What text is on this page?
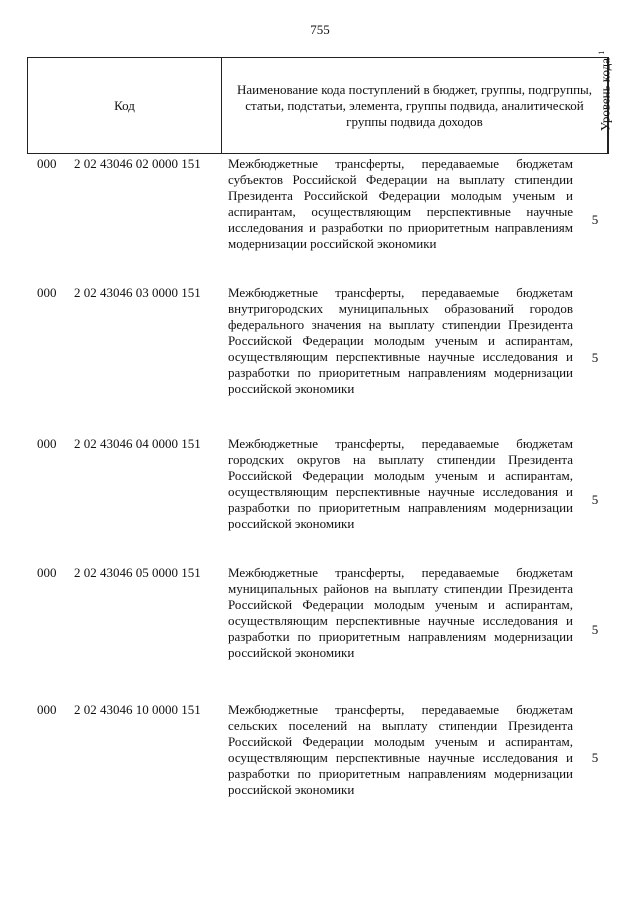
755
Код
Наименование кода поступлений в бюджет, группы, подгруппы, статьи, подстатьи, элемента, группы подвида, аналитической группы подвида доходов	Уровень кода $^1$
000 2 02 43046 02 0000 151 Межбюджетные трансферты, передаваемые бюджетам субъектов Российской Федерации на выплату стипендии Президента Российской Федерации молодым ученым и аспирантам, осуществляющим перспективные научные исследования и разработки по приоритетным направлениям модернизации российской экономики
5
000 2 02 43046 03 0000 151 Межбюджетные трансферты, передаваемые бюджетам внутригородских муниципальных образований городов федерального значения на выплату стипендии Президента Российской Федерации молодым ученым и аспирантам, осуществляющим перспективные научные исследования и разработки по приоритетным направлениям модернизации российской экономики
5
000 2 02 43046 04 0000 151 Межбюджетные трансферты, передаваемые бюджетам городских округов на выплату стипендии Президента Российской Федерации молодым ученым и аспирантам, осуществляющим перспективные научные исследования и разработки по приоритетным направлениям модернизации российской экономики
5
000 2 02 43046 05 0000 151 Межбюджетные трансферты, передаваемые бюджетам муниципальных районов на выплату стипендии Президента Российской Федерации молодым ученым и аспирантам, осуществляющим перспективные научные исследования и разработки по приоритетным направлениям модернизации российской экономики
5
000 2 02 43046 10 0000 151 Межбюджетные трансферты, передаваемые бюджетам сельских поселений на выплату стипендии Президента Российской Федерации молодым ученым и аспирантам, осуществляющим перспективные научные исследования и разработки по приоритетным направлениям модернизации российской экономики
5
